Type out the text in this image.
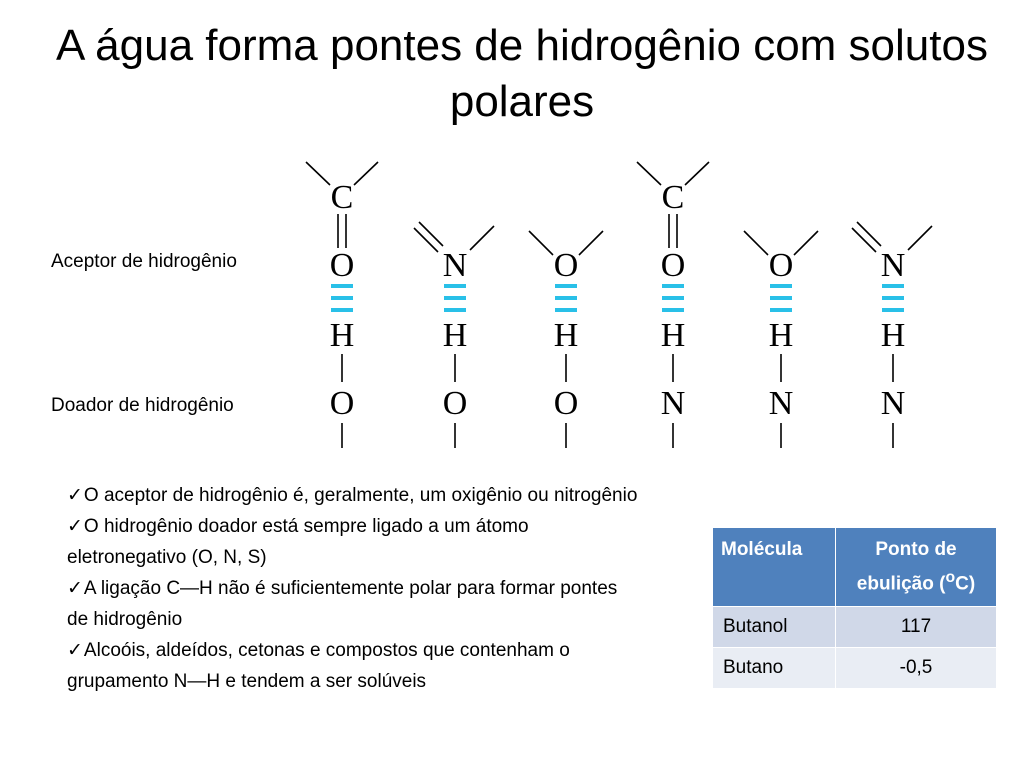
A água forma pontes de hidrogênio com solutos polares
Aceptor de hidrogênio
Doador de hidrogênio
C
O
H
O
N
H
O
O
H
O
C
O
H
N
O
H
N
N
H
N
✓O aceptor de hidrogênio é, geralmente, um oxigênio ou nitrogênio
✓O hidrogênio doador está sempre ligado a um átomo eletronegativo (O, N, S)
✓A ligação C—H não é suficientemente polar para formar pontes de hidrogênio
✓Alcoóis, aldeídos, cetonas e compostos que contenham o grupamento N—H e tendem a ser solúveis
Molécula	Ponto de ebulição ($^o$C)
Butanol	117
Butano	-0,5
